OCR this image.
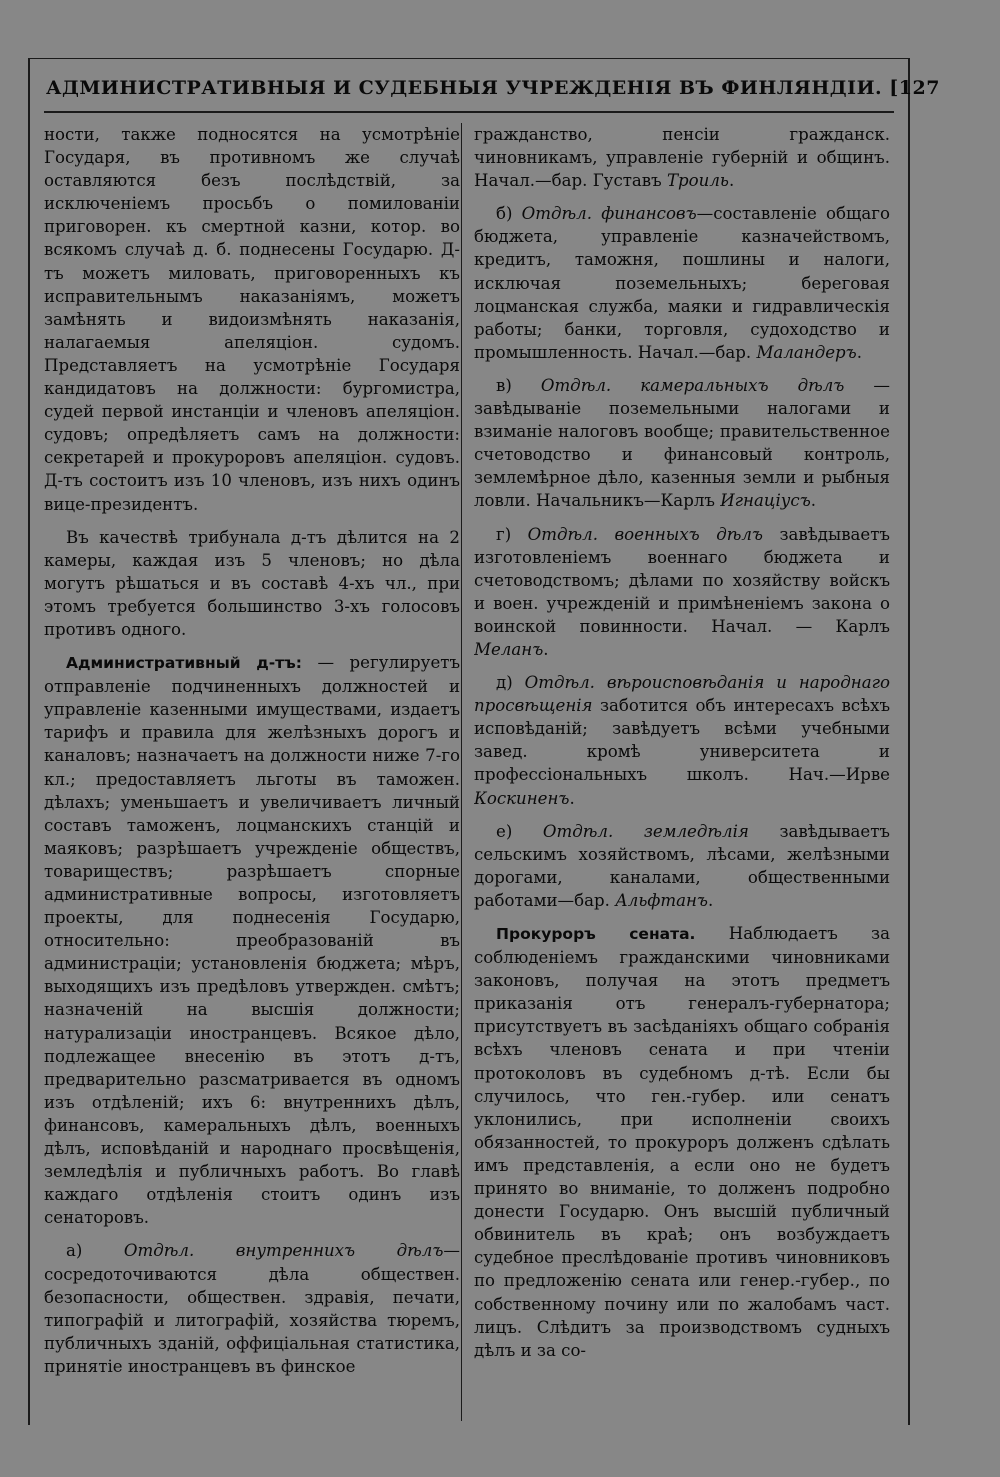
АДМИНИСТРАТИВНЫЯ И СУДЕБНЫЯ УЧРЕЖДЕНІЯ ВЪ ФИНЛЯНДІИ. [127

ности, также подносятся на усмотрѣніе Государя, въ противномъ же случаѣ оставляются безъ послѣдствій, за исключеніемъ просьбъ о помилованіи приговорен. къ смертной казни, котор. во всякомъ случаѣ д. б. поднесены Государю. Д-тъ можетъ миловать, приговоренныхъ къ исправительнымъ наказаніямъ, можетъ замѣнять и видоизмѣнять наказанія, налагаемыя апеляціон. судомъ. Представляетъ на усмотрѣніе Государя кандидатовъ на должности: бургомистра, судей первой инстанціи и членовъ апеляціон. судовъ; опредѣляетъ самъ на должности: секретарей и прокуроровъ апеляціон. судовъ. Д-тъ состоитъ изъ 10 членовъ, изъ нихъ одинъ вице-президентъ.

Въ качествѣ трибунала д-тъ дѣлится на 2 камеры, каждая изъ 5 членовъ; но дѣла могутъ рѣшаться и въ составѣ 4-хъ чл., при этомъ требуется большинство 3-хъ голосовъ противъ одного.

Административный д-тъ: — регулируетъ отправленіе подчиненныхъ должностей и управленіе казенными имуществами, издаетъ тарифъ и правила для желѣзныхъ дорогъ и каналовъ; назначаетъ на должности ниже 7-го кл.; предоставляетъ льготы въ таможен. дѣлахъ; уменьшаетъ и увеличиваетъ личный составъ таможенъ, лоцманскихъ станцій и маяковъ; разрѣшаетъ учрежденіе обществъ, товариществъ; разрѣшаетъ спорные административные вопросы, изготовляетъ проекты, для поднесенія Государю, относительно: преобразованій въ администраціи; установленія бюджета; мѣръ, выходящихъ изъ предѣловъ утвержден. смѣтъ; назначеній на высшія должности; натурализаціи иностранцевъ. Всякое дѣло, подлежащее внесенію въ этотъ д-тъ, предварительно разсматривается въ одномъ изъ отдѣленій; ихъ 6: внутреннихъ дѣлъ, финансовъ, камеральныхъ дѣлъ, военныхъ дѣлъ, исповѣданій и народнаго просвѣщенія, земледѣлія и публичныхъ работъ. Во главѣ каждаго отдѣленія стоитъ одинъ изъ сенаторовъ.

а) Отдѣл. внутреннихъ дѣлъ—сосредоточиваются дѣла обществен. безопасности, обществен. здравія, печати, типографій и литографій, хозяйства тюремъ, публичныхъ зданій, оффиціальная статистика, принятіе иностранцевъ въ финское

гражданство, пенсіи гражданск. чиновникамъ, управленіе губерній и общинъ. Начал.—бар. Густавъ Троиль.

б) Отдѣл. финансовъ—составленіе общаго бюджета, управленіе казначействомъ, кредитъ, таможня, пошлины и налоги, исключая поземельныхъ; береговая лоцманская служба, маяки и гидравлическія работы; банки, торговля, судоходство и промышленность. Начал.—бар. Маландеръ.

в) Отдѣл. камеральныхъ дѣлъ — завѣдываніе поземельными налогами и взиманіе налоговъ вообще; правительственное счетоводство и финансовый контроль, землемѣрное дѣло, казенныя земли и рыбныя ловли. Начальникъ—Карлъ Игнаціусъ.

г) Отдѣл. военныхъ дѣлъ завѣдываетъ изготовленіемъ военнаго бюджета и счетоводствомъ; дѣлами по хозяйству войскъ и воен. учрежденій и примѣненіемъ закона о воинской повинности. Начал. — Карлъ Меланъ.

д) Отдѣл. вѣроисповѣданія и народнаго просвѣщенія заботится объ интересахъ всѣхъ исповѣданій; завѣдуетъ всѣми учебными завед. кромѣ университета и профессіональныхъ школъ. Нач.—Ирве Коскиненъ.

е) Отдѣл. земледѣлія завѣдываетъ сельскимъ хозяйствомъ, лѣсами, желѣзными дорогами, каналами, общественными работами—бар. Альфтанъ.

Прокуроръ сената. Наблюдаетъ за соблюденіемъ гражданскими чиновниками законовъ, получая на этотъ предметъ приказанія отъ генералъ-губернатора; присутствуетъ въ засѣданіяхъ общаго собранія всѣхъ членовъ сената и при чтеніи протоколовъ въ судебномъ д-тѣ. Если бы случилось, что ген.-губер. или сенатъ уклонились, при исполненіи своихъ обязанностей, то прокуроръ долженъ сдѣлать имъ представленія, а если оно не будетъ принято во вниманіе, то долженъ подробно донести Государю. Онъ высшій публичный обвинитель въ краѣ; онъ возбуждаетъ судебное преслѣдованіе противъ чиновниковъ по предложенію сената или генер.-губер., по собственному почину или по жалобамъ част. лицъ. Слѣдитъ за производствомъ судныхъ дѣлъ и за со-
